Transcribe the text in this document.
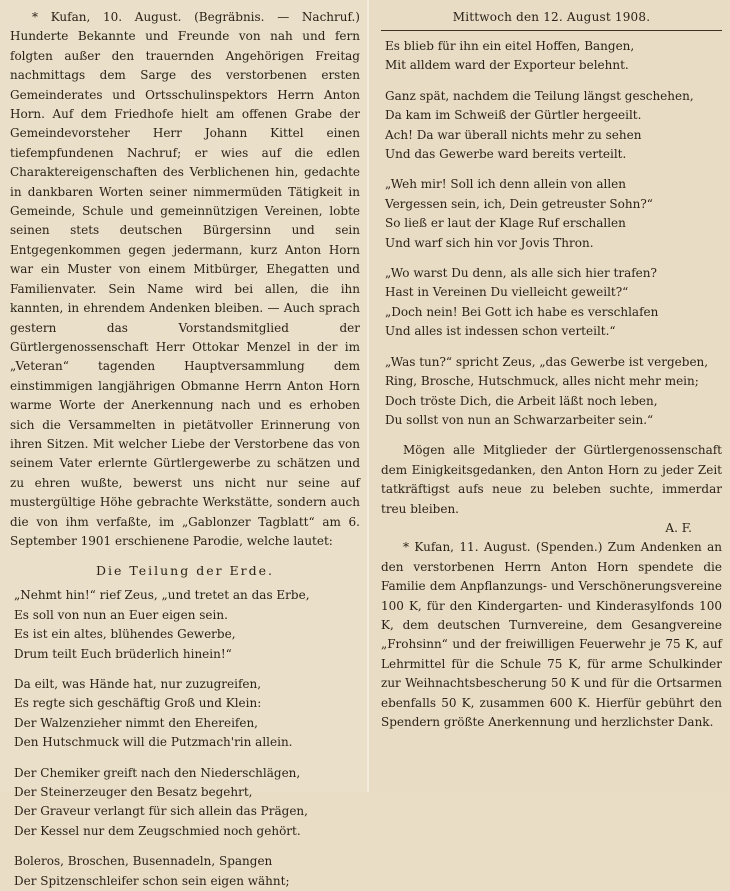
* Kufan, 10. August. (Begräbnis. — Nachruf.) Hunderte Bekannte und Freunde von nah und fern folgten außer den trauernden Angehörigen Freitag nachmittags dem Sarge des verstorbenen ersten Gemeinderates und Ortsschulinspektors Herrn Anton Horn. Auf dem Friedhofe hielt am offenen Grabe der Gemeindevorsteher Herr Johann Kittel einen tiefempfundenen Nachruf; er wies auf die edlen Charaktereigenschaften des Verblichenen hin, gedachte in dankbaren Worten seiner nimmermüden Tätigkeit in Gemeinde, Schule und gemeinnützigen Vereinen, lobte seinen stets deutschen Bürgersinn und sein Entgegenkommen gegen jedermann, kurz Anton Horn war ein Muster von einem Mitbürger, Ehegatten und Familienvater. Sein Name wird bei allen, die ihn kannten, in ehrendem Andenken bleiben. — Auch sprach gestern das Vorstandsmitglied der Gürtlergenossenschaft Herr Ottokar Menzel in der im „Veteran“ tagenden Hauptversammlung dem einstimmigen langjährigen Obmanne Herrn Anton Horn warme Worte der Anerkennung nach und es erhoben sich die Versammelten in pietätvoller Erinnerung von ihren Sitzen. Mit welcher Liebe der Verstorbene das von seinem Vater erlernte Gürtlergewerbe zu schätzen und zu ehren wußte, bewerst uns nicht nur seine auf mustergültige Höhe gebrachte Werkstätte, sondern auch die von ihm verfaßte, im „Gablonzer Tagblatt“ am 6. September 1901 erschienene Parodie, welche lautet:

Die Teilung der Erde.
„Nehmt hin!“ rief Zeus, „und tretet an das Erbe,
Es soll von nun an Euer eigen sein.
Es ist ein altes, blühendes Gewerbe,
Drum teilt Euch brüderlich hinein!“
Da eilt, was Hände hat, nur zuzugreifen,
Es regte sich geschäftig Groß und Klein:
Der Walzenzieher nimmt den Ehereifen,
Den Hutschmuck will die Putzmach'rin allein.
Der Chemiker greift nach den Niederschlägen,
Der Steinerzeuger den Besatz begehrt,
Der Graveur verlangt für sich allein das Prägen,
Der Kessel nur dem Zeugschmied noch gehört.
Boleros, Broschen, Busennadeln, Spangen
Der Spitzenschleifer schon sein eigen wähnt;
Mittwoch den 12. August 1908.
Es blieb für ihn ein eitel Hoffen, Bangen,
Mit alldem ward der Exporteur belehnt.
Ganz spät, nachdem die Teilung längst geschehen,
Da kam im Schweiß der Gürtler hergeeilt.
Ach! Da war überall nichts mehr zu sehen
Und das Gewerbe ward bereits verteilt.
„Weh mir! Soll ich denn allein von allen
Vergessen sein, ich, Dein getreuster Sohn?“
So ließ er laut der Klage Ruf erschallen
Und warf sich hin vor Jovis Thron.
„Wo warst Du denn, als alle sich hier trafen?
Hast in Vereinen Du vielleicht geweilt?“
„Doch nein! Bei Gott ich habe es verschlafen
Und alles ist indessen schon verteilt.“
„Was tun?“ spricht Zeus, „das Gewerbe ist vergeben,
Ring, Brosche, Hutschmuck, alles nicht mehr mein;
Doch tröste Dich, die Arbeit läßt noch leben,
Du sollst von nun an Schwarzarbeiter sein.“

Mögen alle Mitglieder der Gürtlergenossenschaft dem Einigkeitsgedanken, den Anton Horn zu jeder Zeit tatkräftigst aufs neue zu beleben suchte, immerdar treu bleiben.

A. F.

* Kufan, 11. August. (Spenden.) Zum Andenken an den verstorbenen Herrn Anton Horn spendete die Familie dem Anpflanzungs- und Verschönerungsvereine 100 K, für den Kindergarten- und Kinderasylfonds 100 K, dem deutschen Turnvereine, dem Gesangvereine „Frohsinn“ und der freiwilligen Feuerwehr je 75 K, auf Lehrmittel für die Schule 75 K, für arme Schulkinder zur Weihnachtsbescherung 50 K und für die Ortsarmen ebenfalls 50 K, zusammen 600 K. Hierfür gebührt den Spendern größte Anerkennung und herzlichster Dank.
